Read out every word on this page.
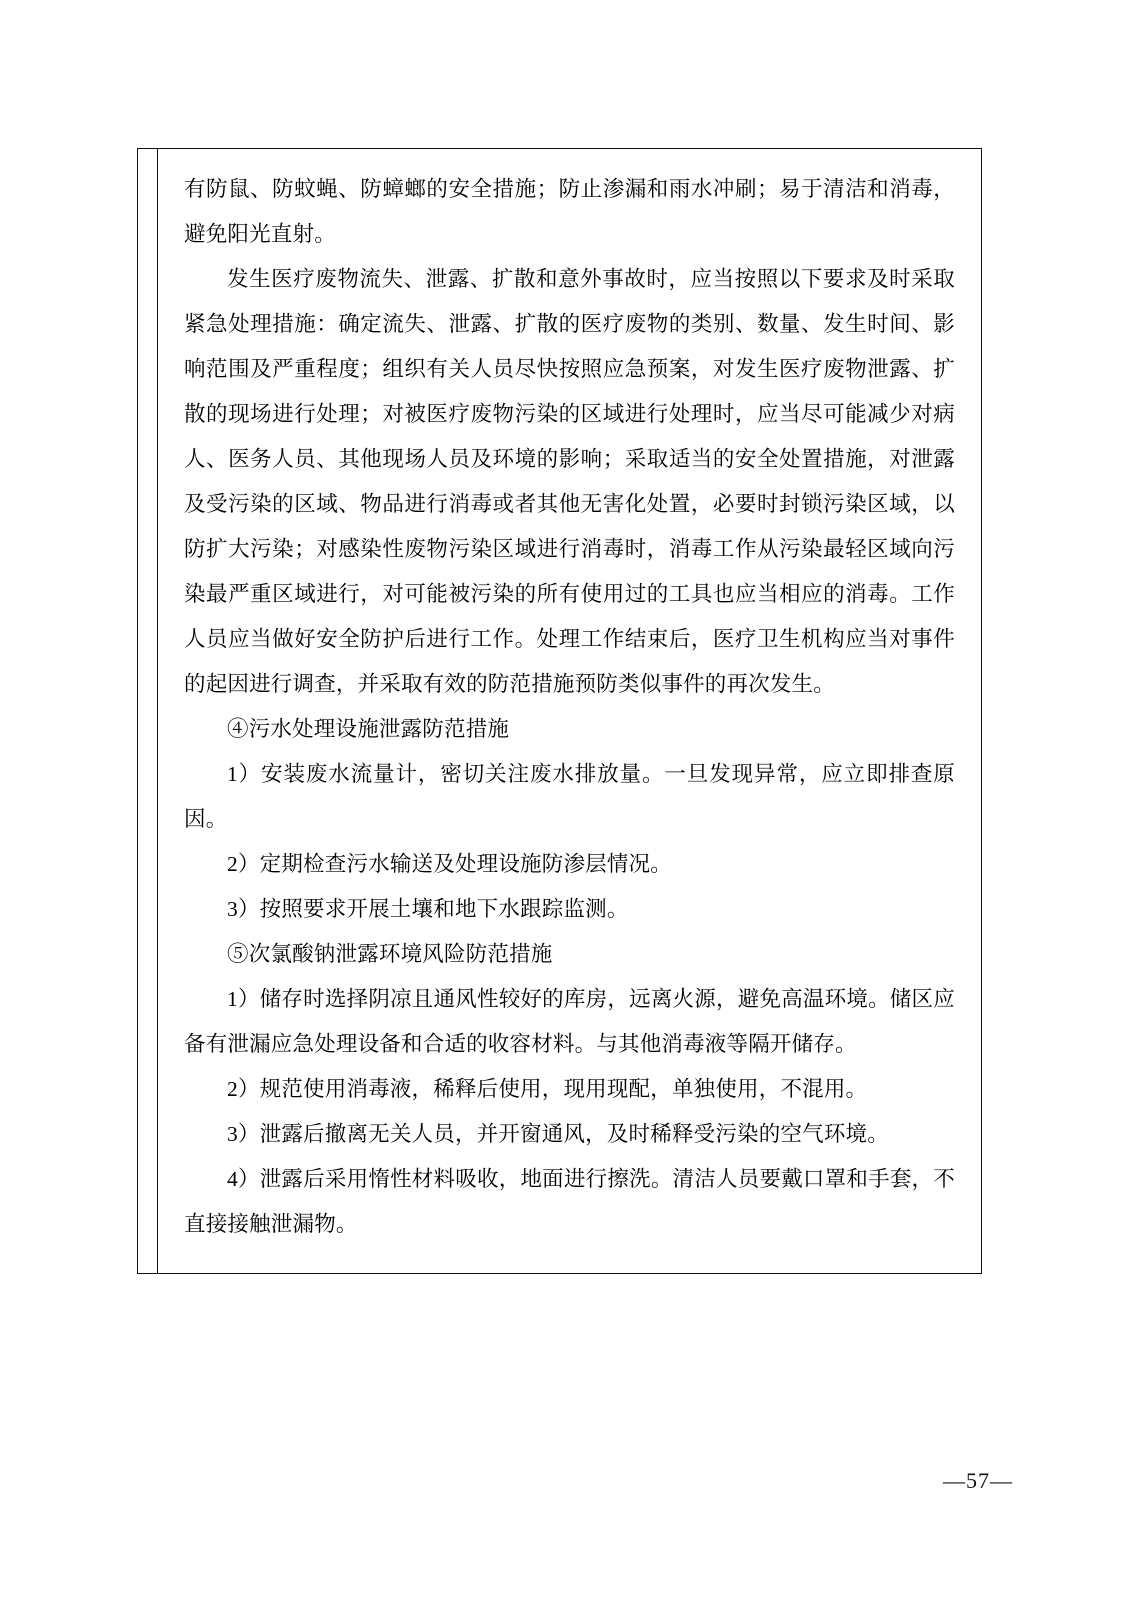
有防鼠、防蚊蝇、防蟑螂的安全措施；防止渗漏和雨水冲刷；易于清洁和消毒，避免阳光直射。

发生医疗废物流失、泄露、扩散和意外事故时，应当按照以下要求及时采取紧急处理措施：确定流失、泄露、扩散的医疗废物的类别、数量、发生时间、影响范围及严重程度；组织有关人员尽快按照应急预案，对发生医疗废物泄露、扩散的现场进行处理；对被医疗废物污染的区域进行处理时，应当尽可能减少对病人、医务人员、其他现场人员及环境的影响；采取适当的安全处置措施，对泄露及受污染的区域、物品进行消毒或者其他无害化处置，必要时封锁污染区域，以防扩大污染；对感染性废物污染区域进行消毒时，消毒工作从污染最轻区域向污染最严重区域进行，对可能被污染的所有使用过的工具也应当相应的消毒。工作人员应当做好安全防护后进行工作。处理工作结束后，医疗卫生机构应当对事件的起因进行调查，并采取有效的防范措施预防类似事件的再次发生。

④污水处理设施泄露防范措施

1）安装废水流量计，密切关注废水排放量。一旦发现异常，应立即排查原因。

2）定期检查污水输送及处理设施防渗层情况。

3）按照要求开展土壤和地下水跟踪监测。

⑤次氯酸钠泄露环境风险防范措施

1）储存时选择阴凉且通风性较好的库房，远离火源，避免高温环境。储区应备有泄漏应急处理设备和合适的收容材料。与其他消毒液等隔开储存。

2）规范使用消毒液，稀释后使用，现用现配，单独使用，不混用。

3）泄露后撤离无关人员，并开窗通风，及时稀释受污染的空气环境。

4）泄露后采用惰性材料吸收，地面进行擦洗。清洁人员要戴口罩和手套，不直接接触泄漏物。

—57—
